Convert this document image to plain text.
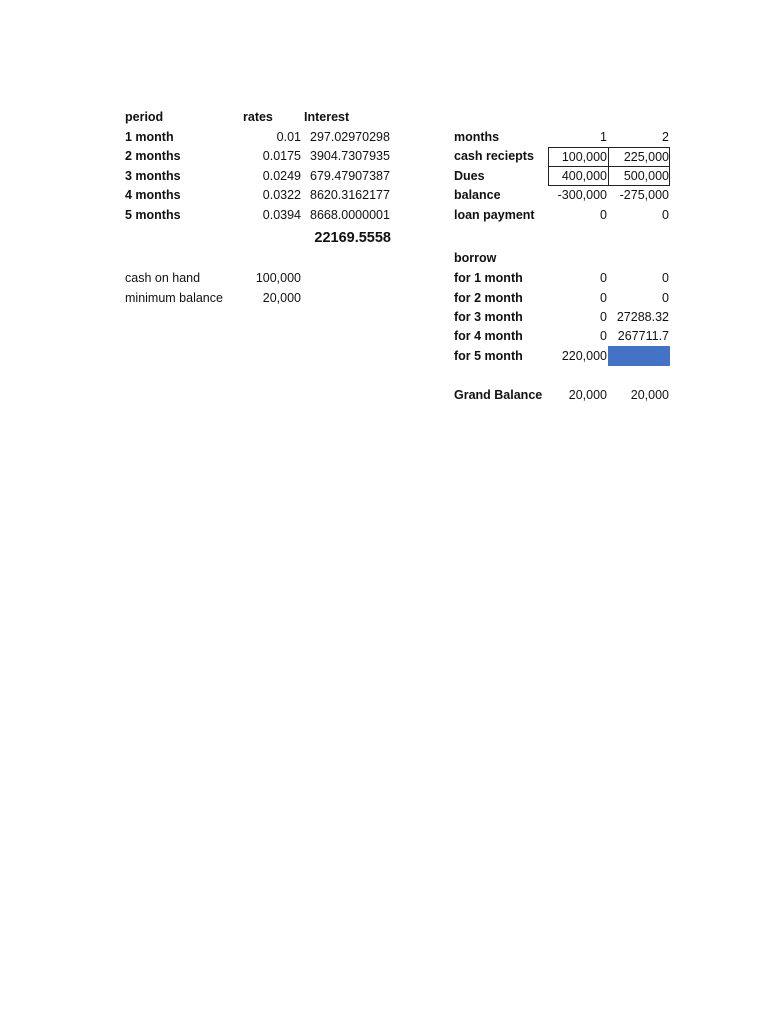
period	rates Interest
1 month	0.01 297.02970298
2 months	0.0175 3904.7307935
3 months	0.0249 679.47907387
4 months	0.0322 8620.3162177
5 months	0.0394 8668.0000001
22169.5558
cash on hand	100,000
minimum balance	20,000
months	1	2
cash reciepts	100,000	225,000
Dues	400,000	500,000
balance	-300,000	-275,000
loan payment	0	0
borrow
for 1 month	0	0
for 2 month	0	0
for 3 month	0 27288.32
for 4 month	0 267711.7
for 5 month	220,000
Grand Balance	20,000	20,000
